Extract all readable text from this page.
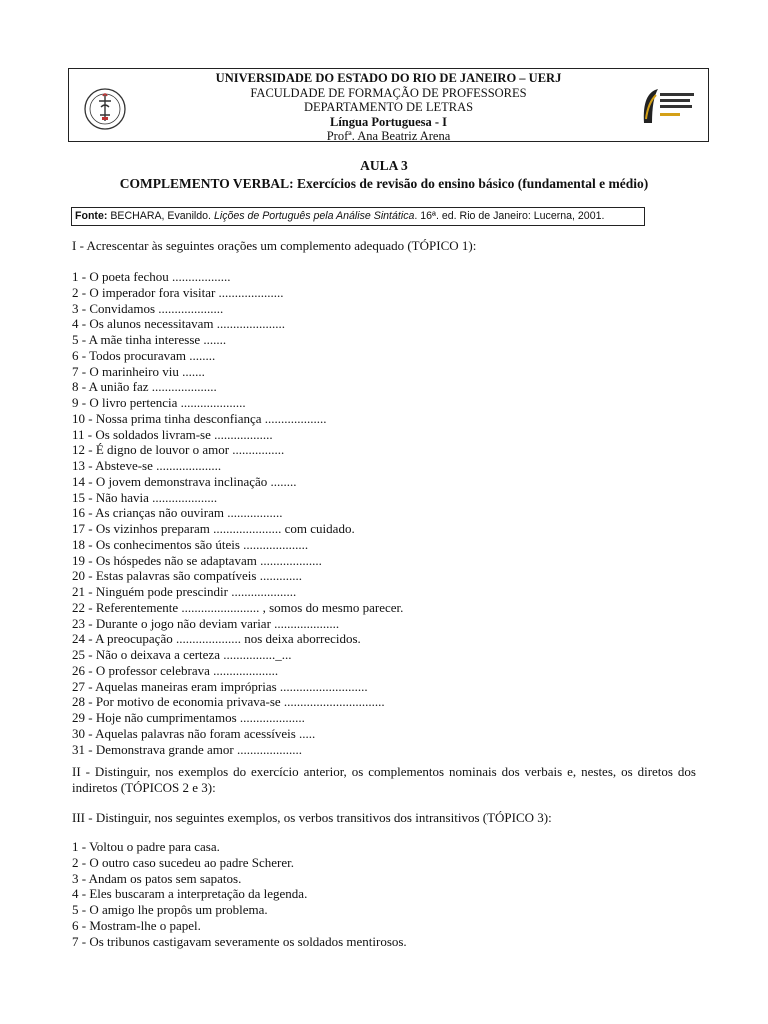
UNIVERSIDADE DO ESTADO DO RIO DE JANEIRO – UERJ
FACULDADE DE FORMAÇÃO DE PROFESSORES
DEPARTAMENTO DE LETRAS
Língua Portuguesa - I
Profª. Ana Beatriz Arena
AULA 3
COMPLEMENTO VERBAL: Exercícios de revisão do ensino básico (fundamental e médio)
Fonte: BECHARA, Evanildo. Lições de Português pela Análise Sintática. 16ª. ed. Rio de Janeiro: Lucerna, 2001.
I - Acrescentar às seguintes orações um complemento adequado (TÓPICO 1):
1 - O poeta fechou ..................
2 - O imperador fora visitar ....................
3 - Convidamos ....................
4 - Os alunos necessitavam .....................
5 - A mãe tinha interesse .......
6 - Todos procuravam ........
7 - O marinheiro viu .......
8 - A união faz ....................
9 - O livro pertencia ....................
10 - Nossa prima tinha desconfiança ...................
11 - Os soldados livram-se ..................
12 - É digno de louvor o amor ................
13 - Absteve-se ....................
14 - O jovem demonstrava inclinação ........
15 - Não havia ....................
16 - As crianças não ouviram .................
17 - Os vizinhos preparam ..................... com cuidado.
18 - Os conhecimentos são úteis ....................
19 - Os hóspedes não se adaptavam ...................
20 - Estas palavras são compatíveis .............
21 - Ninguém pode prescindir ....................
22 - Referentemente ........................ , somos do mesmo parecer.
23 - Durante o jogo não deviam variar ....................
24 - A preocupação .................... nos deixa aborrecidos.
25 - Não o deixava a certeza ................_...
26 - O professor celebrava ....................
27 - Aquelas maneiras eram impróprias ...........................
28 - Por motivo de economia privava-se ...............................
29 - Hoje não cumprimentamos ....................
30 - Aquelas palavras não foram acessíveis .....
31 - Demonstrava grande amor ....................
II - Distinguir, nos exemplos do exercício anterior, os complementos nominais dos verbais e, nestes, os diretos dos indiretos (TÓPICOS 2 e 3):
III - Distinguir, nos seguintes exemplos, os verbos transitivos dos intransitivos (TÓPICO 3):
1 - Voltou o padre para casa.
2 - O outro caso sucedeu ao padre Scherer.
3 - Andam os patos sem sapatos.
4 - Eles buscaram a interpretação da legenda.
5 - O amigo lhe propôs um problema.
6 - Mostram-lhe o papel.
7 - Os tribunos castigavam severamente os soldados mentirosos.
